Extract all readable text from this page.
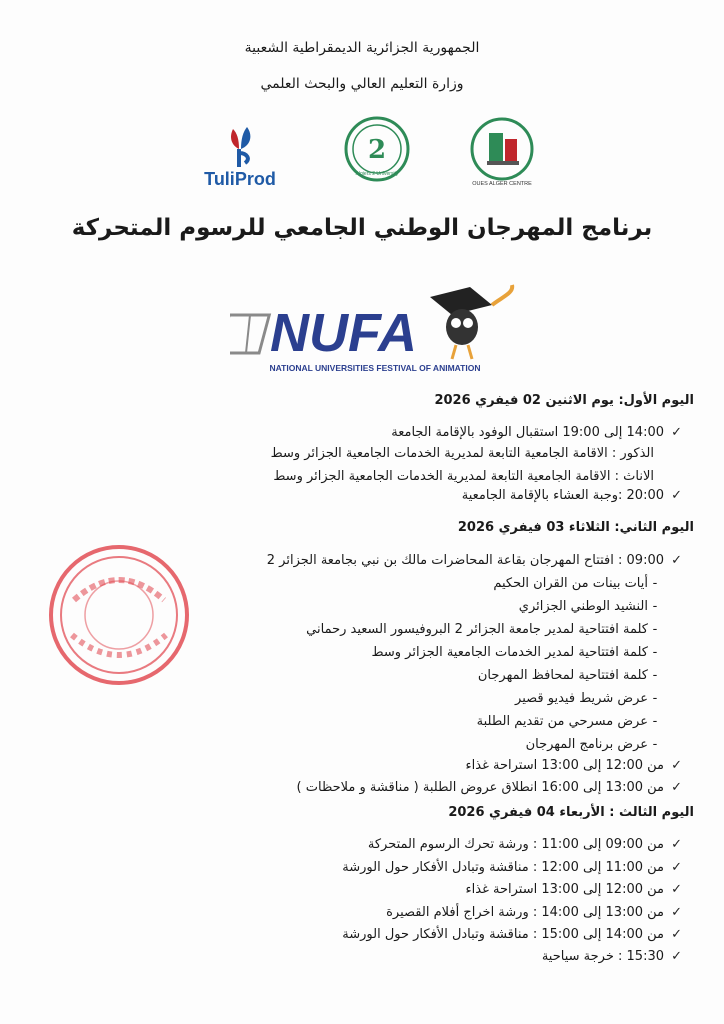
الجمهورية الجزائرية الديمقراطية الشعبية
وزارة التعليم العالي والبحث العلمي
TuliProd
2
Algiers 2 University
OUES ALGER CENTRE
برنامج المهرجان الوطني الجامعي للرسوم المتحركة
NUFA
NATIONAL UNIVERSITIES FESTIVAL OF ANIMATION
اليوم الأول: يوم الاثنين 02 فيفري 2026
✓14:00 إلى 19:00 استقبال الوفود بالإقامة الجامعة
الذكور : الاقامة الجامعية التابعة لمديرية الخدمات الجامعية الجزائر وسط
الاناث : الاقامة الجامعية التابعة لمديرية الخدمات الجامعية الجزائر وسط
✓20:00 :وجبة العشاء بالإقامة الجامعية
اليوم الثاني: الثلاثاء 03 فيفري 2026
✓09:00 : افتتاح المهرجان بقاعة المحاضرات مالك بن نبي بجامعة الجزائر 2
-أيات بينات من القران الحكيم
-النشيد الوطني الجزائري
-كلمة افتتاحية لمدير جامعة الجزائر 2 البروفيسور السعيد رحماني
-كلمة افتتاحية لمدير الخدمات الجامعية الجزائر وسط
-كلمة افتتاحية لمحافظ المهرجان
-عرض شريط فيديو قصير
-عرض مسرحي من تقديم الطلبة
-عرض برنامج المهرجان
✓من 12:00 إلى 13:00 استراحة غذاء
✓من 13:00 إلى 16:00 انطلاق عروض الطلبة ( مناقشة و ملاحظات )
اليوم الثالث : الأربعاء 04 فيفري 2026
✓من 09:00 إلى 11:00 : ورشة تحرك الرسوم المتحركة
✓من 11:00 إلى 12:00 : مناقشة وتبادل الأفكار حول الورشة
✓من 12:00 إلى 13:00 استراحة غذاء
✓من 13:00 إلى 14:00 : ورشة اخراج أفلام القصيرة
✓من 14:00 إلى 15:00 : مناقشة وتبادل الأفكار حول الورشة
✓15:30 : خرجة سياحية
